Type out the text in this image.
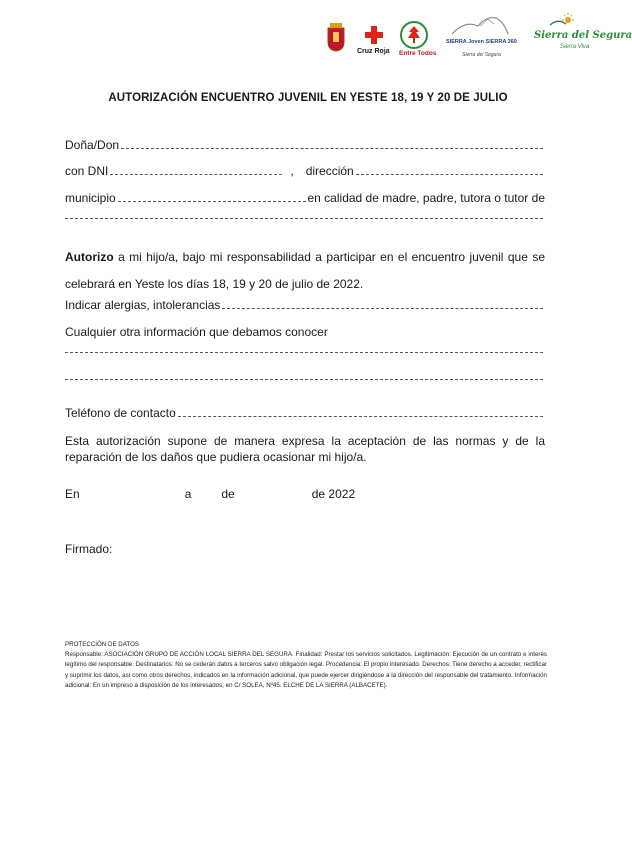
Cruz Roja Entre Todos
SIERRA Joven SIERRA 360
Sierra del Segura
Sierra del Segura
Sierra Viva
AUTORIZACIÓN ENCUENTRO JUVENIL EN YESTE 18, 19 Y 20 DE JULIO
Doña/Don
con DNI	, dirección
municipio	en calidad de madre, padre, tutora o tutor de
Autorizo a mi hijo/a, bajo mi responsabilidad a participar en el encuentro juvenil que se
celebrará en Yeste los días 18, 19 y 20 de julio de 2022.
Indicar alergias, intolerancias
Cualquier otra información que debamos conocer
Teléfono de contacto
Esta autorización supone de manera expresa la aceptación de las normas y de la reparación de los daños que pudiera ocasionar mi hijo/a.
En	a	de	de 2022
Firmado:
PROTECCIÓN DE DATOS
Responsable: ASOCIACIÓN GRUPO DE ACCIÓN LOCAL SIERRA DEL SEGURA. Finalidad: Prestar los servicios solicitados. Legitimación: Ejecución de un contrato e interés legítimo del responsable. Destinatarios: No se cederán datos a terceros salvo obligación legal. Procedencia: El propio interesado. Derechos: Tiene derecho a acceder, rectificar y suprimir los datos, así como otros derechos, indicados en la información adicional, que puede ejercer dirigiéndose a la dirección del responsable del tratamiento. Información adicional: En un impreso a disposición de los interesados, en C/ SOLEA, Nº45. ELCHE DE LA SIERRA (ALBACETE).
